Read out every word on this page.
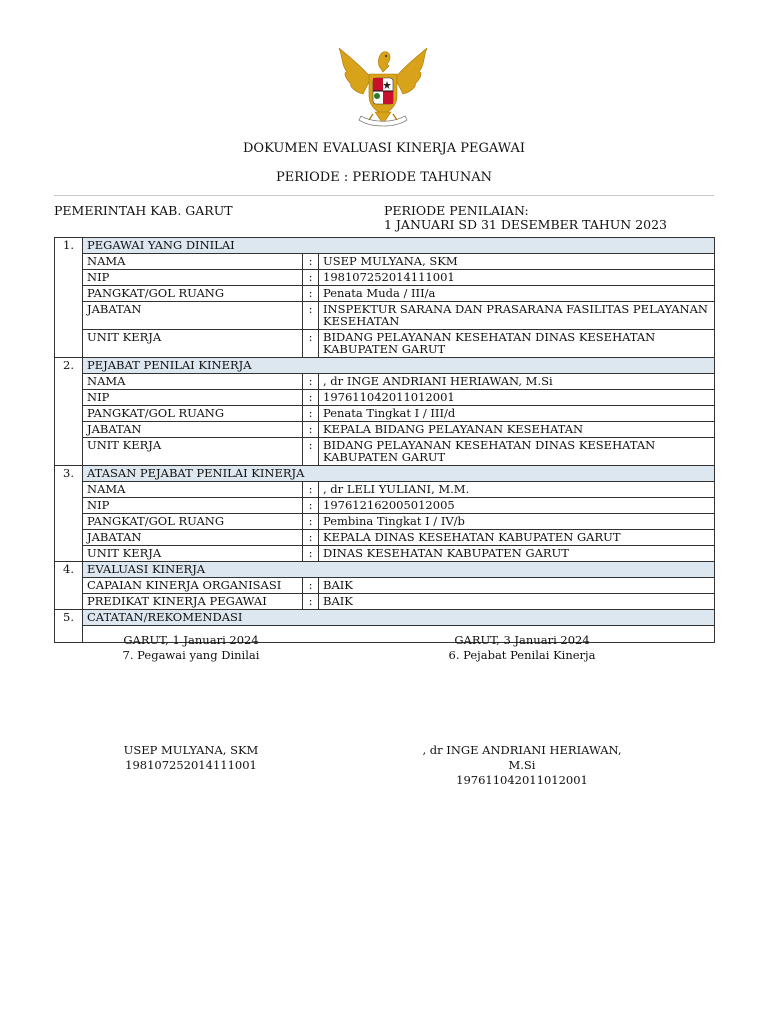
DOKUMEN EVALUASI KINERJA PEGAWAI
PERIODE : PERIODE TAHUNAN
PEMERINTAH KAB. GARUT	PERIODE PENILAIAN:
1 JANUARI SD 31 DESEMBER TAHUN 2023
1.	PEGAWAI YANG DINILAI		
	NAMA	:	USEP MULYANA, SKM
	NIP	:	198107252014111001
	PANGKAT/GOL RUANG	:	Penata Muda / III/a
	JABATAN	:	INSPEKTUR SARANA DAN PRASARANA FASILITAS PELAYANAN KESEHATAN
	UNIT KERJA	:	BIDANG PELAYANAN KESEHATAN DINAS KESEHATAN KABUPATEN GARUT
2.	PEJABAT PENILAI KINERJA		
	NAMA	:	, dr INGE ANDRIANI HERIAWAN, M.Si
	NIP	:	197611042011012001
	PANGKAT/GOL RUANG	:	Penata Tingkat I / III/d
	JABATAN	:	KEPALA BIDANG PELAYANAN KESEHATAN
	UNIT KERJA	:	BIDANG PELAYANAN KESEHATAN DINAS KESEHATAN KABUPATEN GARUT
3.	ATASAN PEJABAT PENILAI KINERJA		
	NAMA	:	, dr LELI YULIANI, M.M.
	NIP	:	197612162005012005
	PANGKAT/GOL RUANG	:	Pembina Tingkat I / IV/b
	JABATAN	:	KEPALA DINAS KESEHATAN KABUPATEN GARUT
	UNIT KERJA	:	DINAS KESEHATAN KABUPATEN GARUT
4.	EVALUASI KINERJA		
	CAPAIAN KINERJA ORGANISASI	:	BAIK
	PREDIKAT KINERJA PEGAWAI	:	BAIK
5.	CATATAN/REKOMENDASI		

GARUT, 1 Januari 2024
7. Pegawai yang Dinilai
USEP MULYANA, SKM
198107252014111001
GARUT, 3 Januari 2024
6. Pejabat Penilai Kinerja
, dr INGE ANDRIANI HERIAWAN, M.Si
197611042011012001
